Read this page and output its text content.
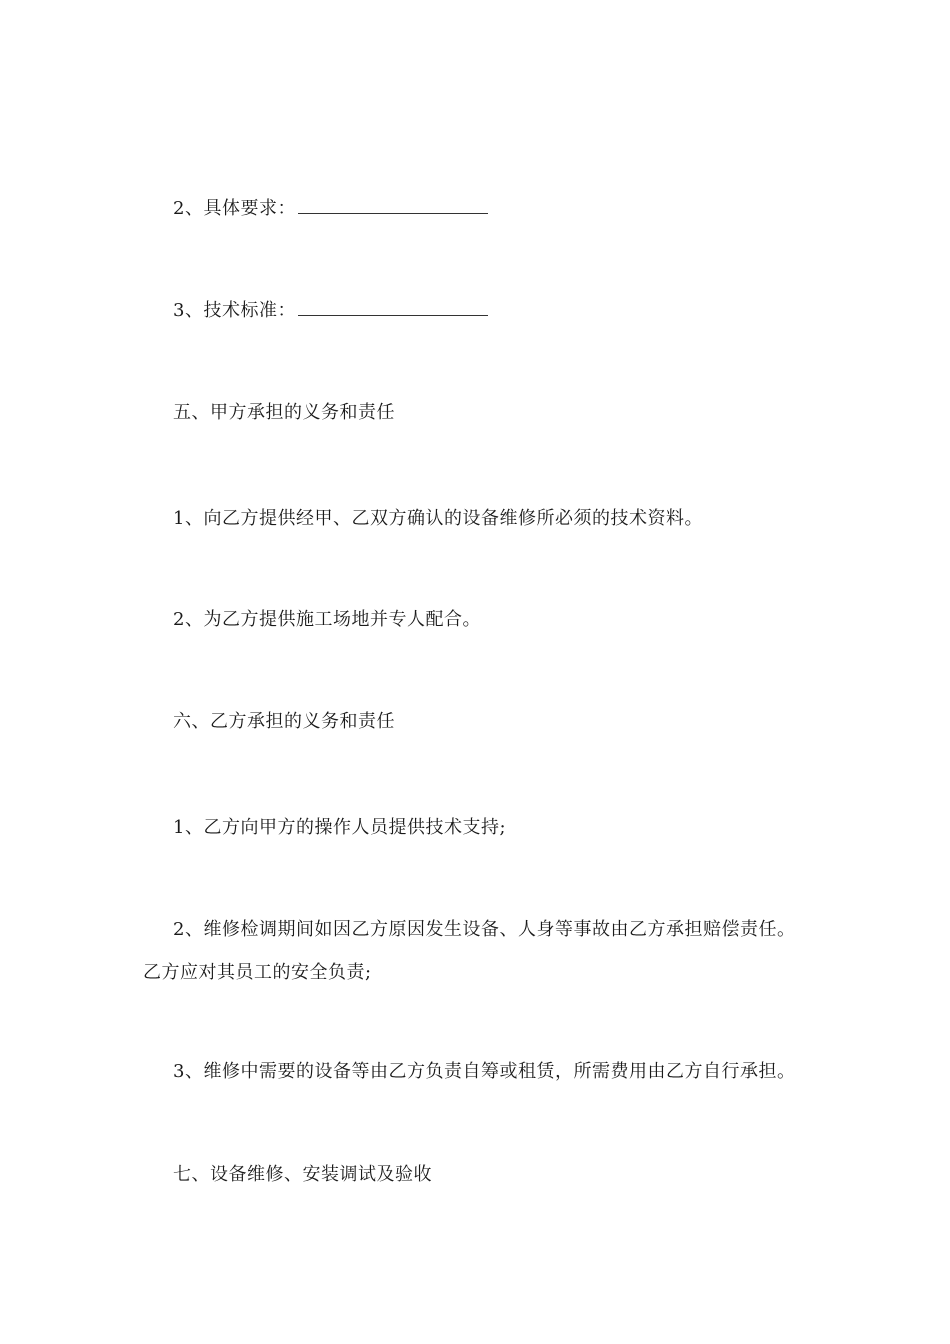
2、具体要求：
3、技术标准：
五、甲方承担的义务和责任
1、向乙方提供经甲、乙双方确认的设备维修所必须的技术资料。
2、为乙方提供施工场地并专人配合。
六、乙方承担的义务和责任
1、乙方向甲方的操作人员提供技术支持;
2、维修检调期间如因乙方原因发生设备、人身等事故由乙方承担赔偿责任。
乙方应对其员工的安全负责;
3、维修中需要的设备等由乙方负责自筹或租赁，所需费用由乙方自行承担。
七、设备维修、安装调试及验收
